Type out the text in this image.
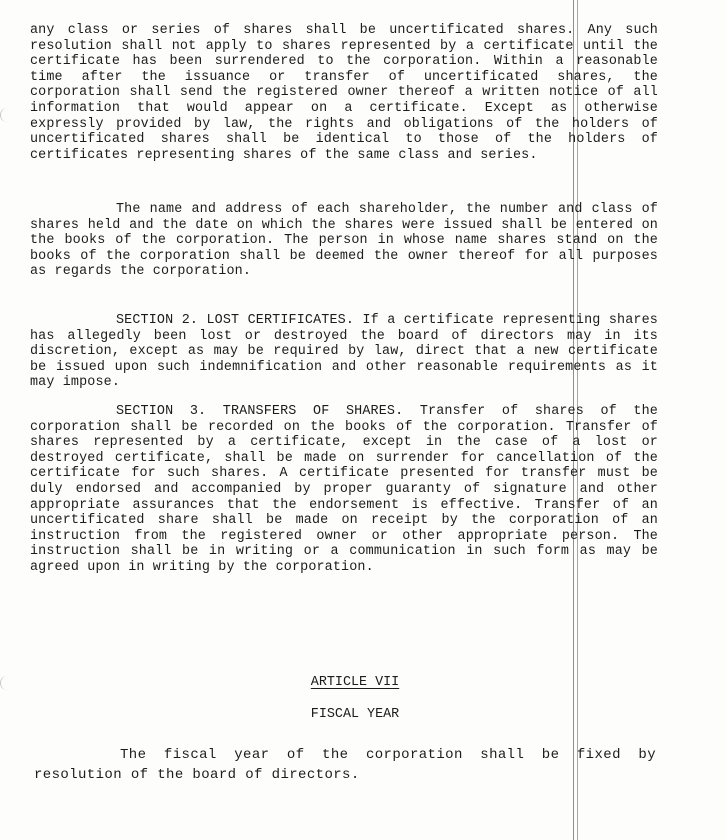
any class or series of shares shall be uncertificated shares. Any such resolution shall not apply to shares represented by a certificate until the certificate has been surrendered to the corporation. Within a reasonable time after the issuance or transfer of uncertificated shares, the corporation shall send the registered owner thereof a written notice of all information that would appear on a certificate. Except as otherwise expressly provided by law, the rights and obligations of the holders of uncertificated shares shall be identical to those of the holders of certificates representing shares of the same class and series.

The name and address of each shareholder, the number and class of shares held and the date on which the shares were issued shall be entered on the books of the corporation. The person in whose name shares stand on the books of the corporation shall be deemed the owner thereof for all purposes as regards the corporation.

SECTION 2. LOST CERTIFICATES. If a certificate representing shares has allegedly been lost or destroyed the board of directors may in its discretion, except as may be required by law, direct that a new certificate be issued upon such indemnification and other reasonable requirements as it may impose.

SECTION 3. TRANSFERS OF SHARES. Transfer of shares of the corporation shall be recorded on the books of the corporation. Transfer of shares represented by a certificate, except in the case of a lost or destroyed certificate, shall be made on surrender for cancellation of the certificate for such shares. A certificate presented for transfer must be duly endorsed and accompanied by proper guaranty of signature and other appropriate assurances that the endorsement is effective. Transfer of an uncertificated share shall be made on receipt by the corporation of an instruction from the registered owner or other appropriate person. The instruction shall be in writing or a communication in such form as may be agreed upon in writing by the corporation.

ARTICLE VII

FISCAL YEAR

The fiscal year of the corporation shall be fixed by resolution of the board of directors.
